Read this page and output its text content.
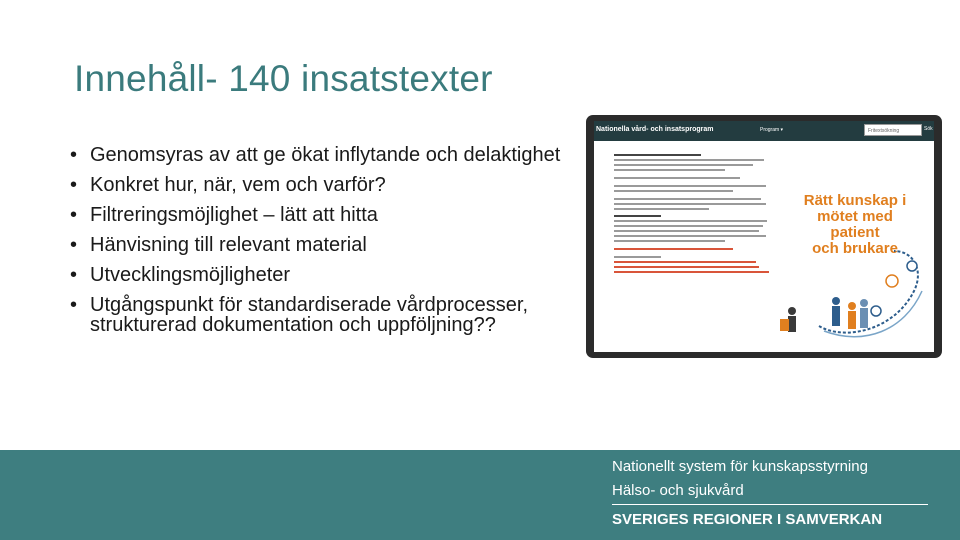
Innehåll- 140 insatstexter
• Genomsyras av att ge ökat inflytande och delaktighet
• Konkret hur, när, vem och varför?
• Filtreringsmöjlighet – lätt att hitta
• Hänvisning till relevant material
• Utvecklingsmöjligheter
• Utgångspunkt för standardiserade vårdprocesser, strukturerad dokumentation och uppföljning??
Nationella vård- och insatsprogram	Program ▾	Fritextsökning	Sök
Rätt kunskap i
mötet med patient
och brukare
Nationellt system för kunskapsstyrning
Hälso- och sjukvård
SVERIGES REGIONER I SAMVERKAN
